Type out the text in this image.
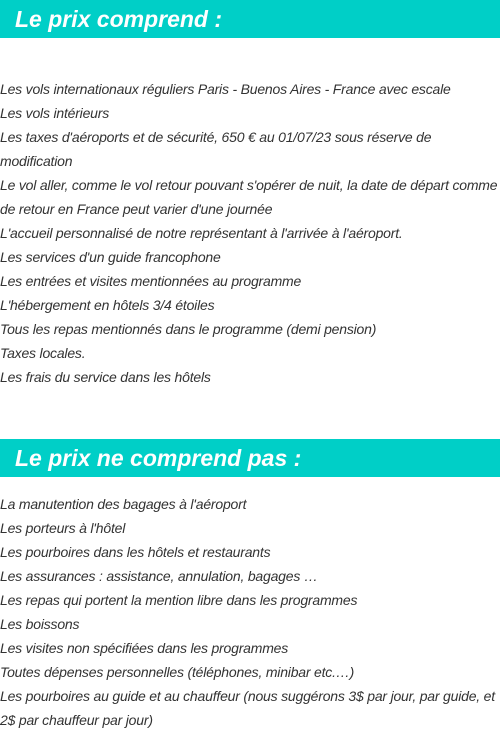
Le prix comprend :
Les vols internationaux réguliers Paris - Buenos Aires - France avec escale
Les vols intérieurs
Les taxes d'aéroports et de sécurité, 650 € au 01/07/23 sous réserve de modification
Le vol aller, comme le vol retour pouvant s'opérer de nuit, la date de départ comme de retour en France peut varier d'une journée
L'accueil personnalisé de notre représentant à l'arrivée à l'aéroport.
Les services d'un guide francophone
Les entrées et visites mentionnées au programme
L'hébergement en hôtels 3/4 étoiles
Tous les repas mentionnés dans le programme (demi pension)
Taxes locales.
Les frais du service dans les hôtels
Le prix ne comprend pas :
La manutention des bagages à l'aéroport
Les porteurs à l'hôtel
Les pourboires dans les hôtels et restaurants
Les assurances : assistance, annulation, bagages …
Les repas qui portent la mention libre dans les programmes
Les boissons
Les visites non spécifiées dans les programmes
Toutes dépenses personnelles (téléphones, minibar etc.…)
Les pourboires au guide et au chauffeur (nous suggérons 3$ par jour, par guide, et 2$ par chauffeur par jour)
